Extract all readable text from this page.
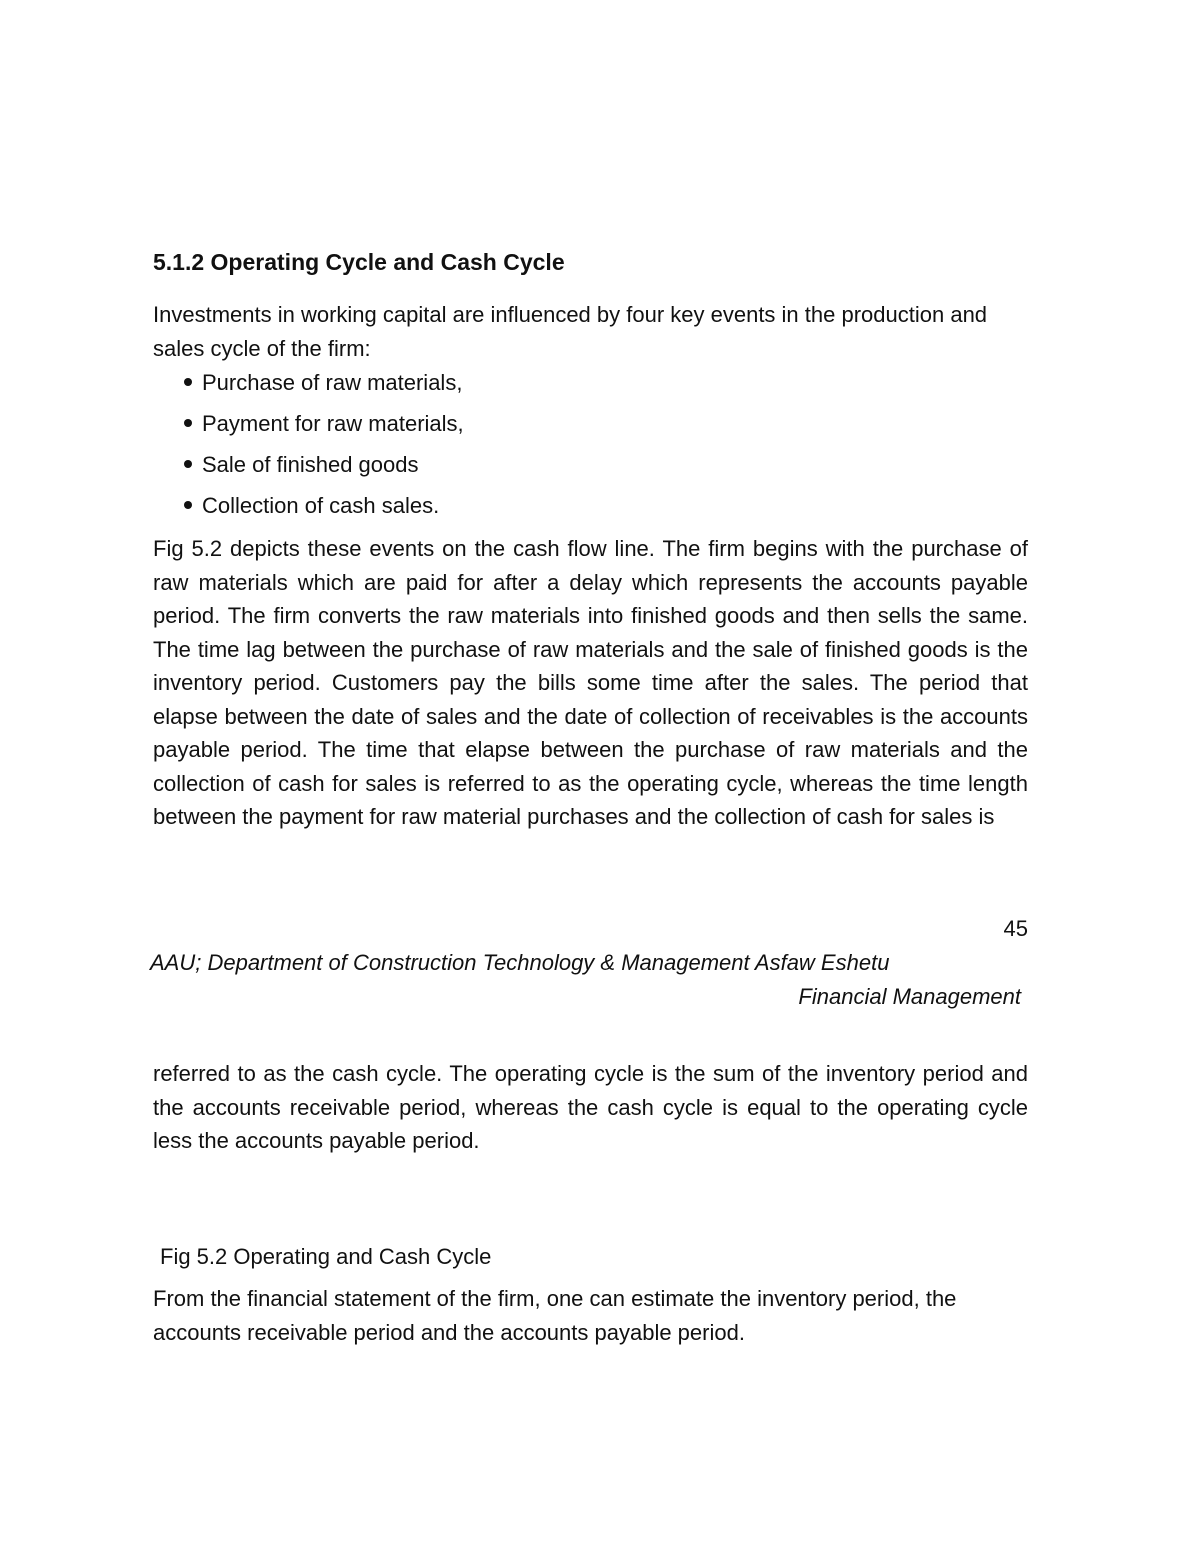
5.1.2 Operating Cycle and Cash Cycle
Investments in working capital are influenced by four key events in the production and sales cycle of the firm:
Purchase of raw materials,
Payment for raw materials,
Sale of finished goods
Collection of cash sales.
Fig 5.2 depicts these events on the cash flow line. The firm begins with the purchase of raw materials which are paid for after a delay which represents the accounts payable period. The firm converts the raw materials into finished goods and then sells the same. The time lag between the purchase of raw materials and the sale of finished goods is the inventory period. Customers pay the bills some time after the sales. The period that elapse between the date of sales and the date of collection of receivables is the accounts payable period. The time that elapse between the purchase of raw materials and the collection of cash for sales is referred to as the operating cycle, whereas the time length between the payment for raw material purchases and the collection of cash for sales is
45
AAU; Department of Construction Technology & Management Asfaw Eshetu
Financial Management
referred to as the cash cycle. The operating cycle is the sum of the inventory period and the accounts receivable period, whereas the cash cycle is equal to the operating cycle less the accounts payable period.
Fig 5.2 Operating and Cash Cycle
From the financial statement of the firm, one can estimate the inventory period, the accounts receivable period and the accounts payable period.
